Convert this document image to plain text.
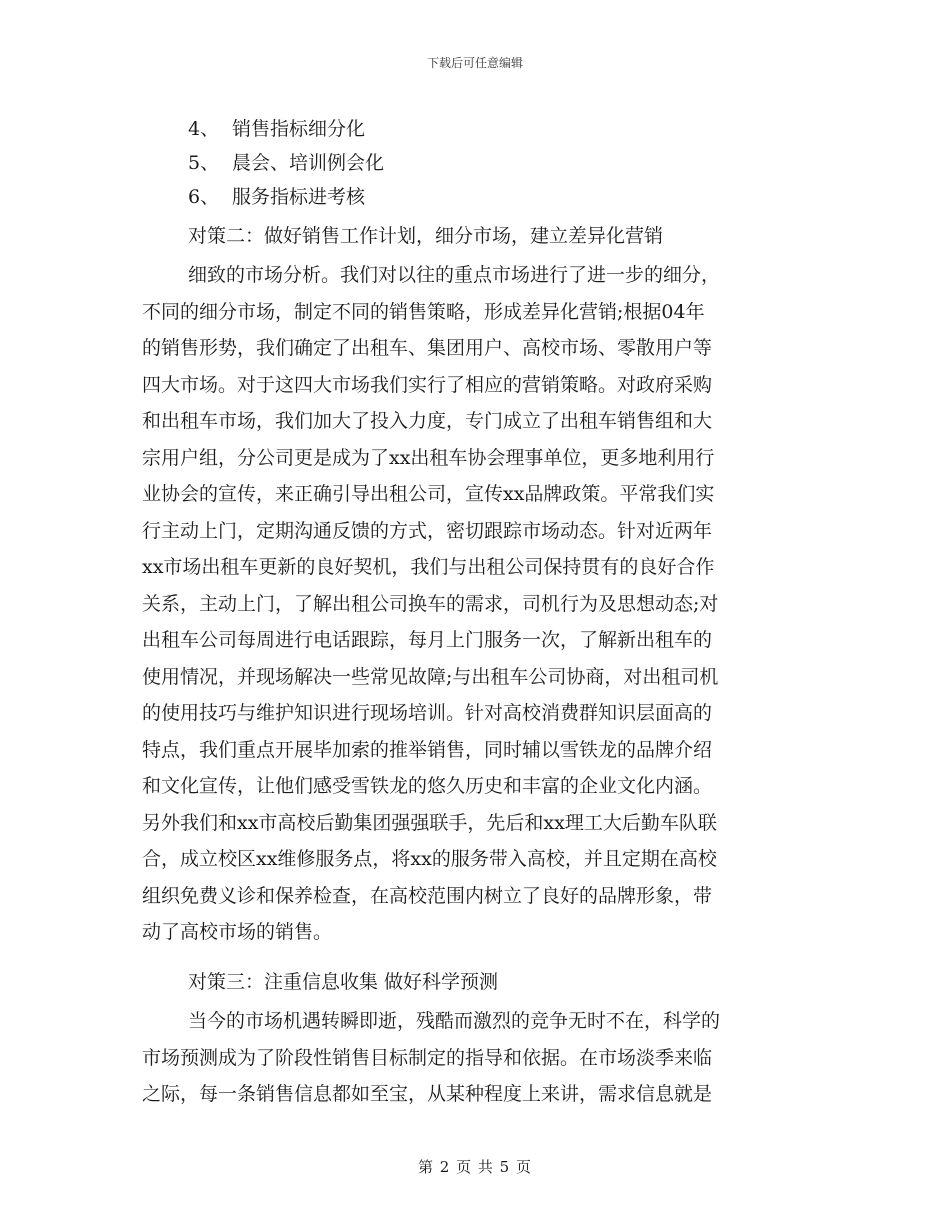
下载后可任意编辑
4、 销售指标细分化
5、 晨会、培训例会化
6、 服务指标进考核
对策二：做好销售工作计划，细分市场，建立差异化营销
细致的市场分析。我们对以往的重点市场进行了进一步的细分，
不同的细分市场，制定不同的销售策略，形成差异化营销;根据04年
的销售形势，我们确定了出租车、集团用户、高校市场、零散用户等
四大市场。对于这四大市场我们实行了相应的营销策略。对政府采购
和出租车市场，我们加大了投入力度，专门成立了出租车销售组和大
宗用户组，分公司更是成为了xx出租车协会理事单位，更多地利用行
业协会的宣传，来正确引导出租公司，宣传xx品牌政策。平常我们实
行主动上门，定期沟通反馈的方式，密切跟踪市场动态。针对近两年
xx市场出租车更新的良好契机，我们与出租公司保持贯有的良好合作
关系，主动上门，了解出租公司换车的需求，司机行为及思想动态;对
出租车公司每周进行电话跟踪，每月上门服务一次，了解新出租车的
使用情况，并现场解决一些常见故障;与出租车公司协商，对出租司机
的使用技巧与维护知识进行现场培训。针对高校消费群知识层面高的
特点，我们重点开展毕加索的推举销售，同时辅以雪铁龙的品牌介绍
和文化宣传，让他们感受雪铁龙的悠久历史和丰富的企业文化内涵。
另外我们和xx市高校后勤集团强强联手，先后和xx理工大后勤车队联
合，成立校区xx维修服务点，将xx的服务带入高校，并且定期在高校
组织免费义诊和保养检查，在高校范围内树立了良好的品牌形象，带
动了高校市场的销售。
对策三：注重信息收集 做好科学预测
当今的市场机遇转瞬即逝，残酷而激烈的竞争无时不在，科学的
市场预测成为了阶段性销售目标制定的指导和依据。在市场淡季来临
之际，每一条销售信息都如至宝，从某种程度上来讲，需求信息就是
第 2 页 共 5 页
